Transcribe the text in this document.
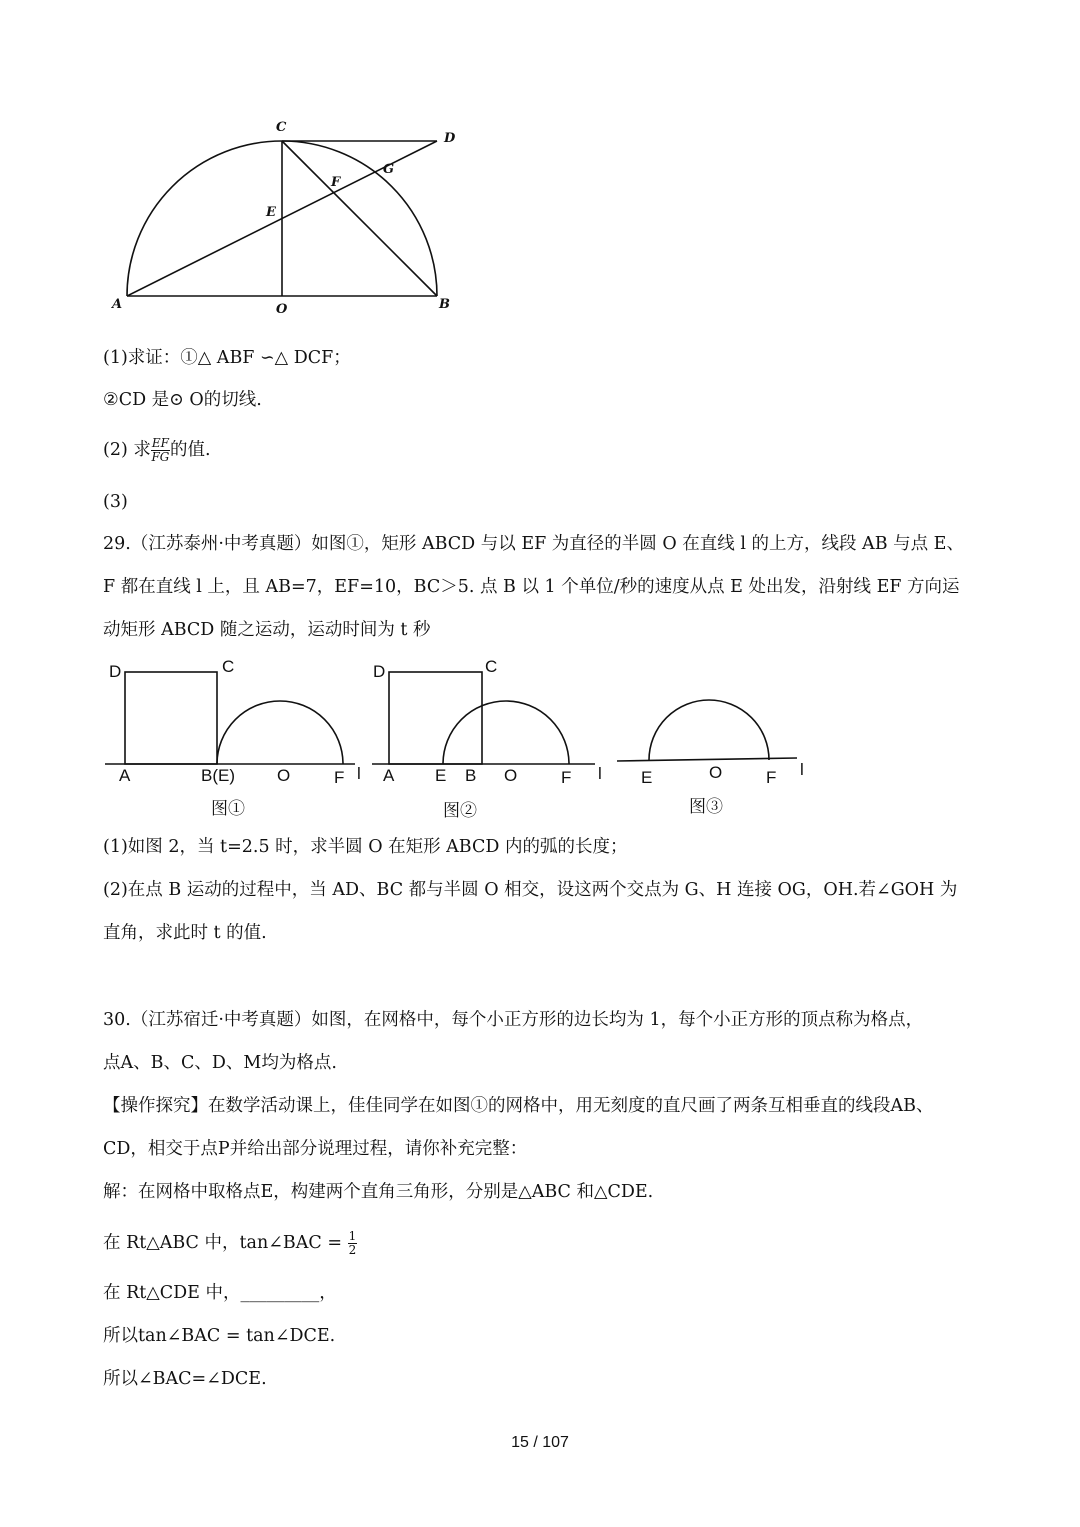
C
D
G
F
E
A	O	B
(1)求证：①△ ABF ∽△ DCF；
②CD 是⊙ O的切线.
(2) 求 $\frac{EF}{FG}$ 的值.
(3)
29.（江苏泰州·中考真题）如图①，矩形 ABCD 与以 EF 为直径的半圆 O 在直线 l 的上方，线段 AB 与点 E、
F 都在直线 l 上，且 AB=7，EF=10，BC＞5. 点 B 以 1 个单位/秒的速度从点 E 处出发，沿射线 EF 方向运
动矩形 ABCD 随之运动，运动时间为 t 秒
D	C
A	B(E) O	F l
图①
D	C
A E B O	F l
图②
E	O	F l
图③
(1)如图 2，当 t=2.5 时，求半圆 O 在矩形 ABCD 内的弧的长度；
(2)在点 B 运动的过程中，当 AD、BC 都与半圆 O 相交，设这两个交点为 G、H 连接 OG，OH.若∠GOH 为
直角，求此时 t 的值.
30.（江苏宿迁·中考真题）如图，在网格中，每个小正方形的边长均为 1，每个小正方形的顶点称为格点，
点A、B、C、D、M均为格点.
【操作探究】在数学活动课上，佳佳同学在如图①的网格中，用无刻度的直尺画了两条互相垂直的线段AB、
CD，相交于点P并给出部分说理过程，请你补充完整：
解：在网格中取格点E，构建两个直角三角形，分别是△ABC 和△CDE.
在 Rt△ABC 中，tan∠BAC = $\frac{1}{2}$
在 Rt△CDE 中，_________，
所以tan∠BAC = tan∠DCE.
所以∠BAC=∠DCE.
15 / 107
